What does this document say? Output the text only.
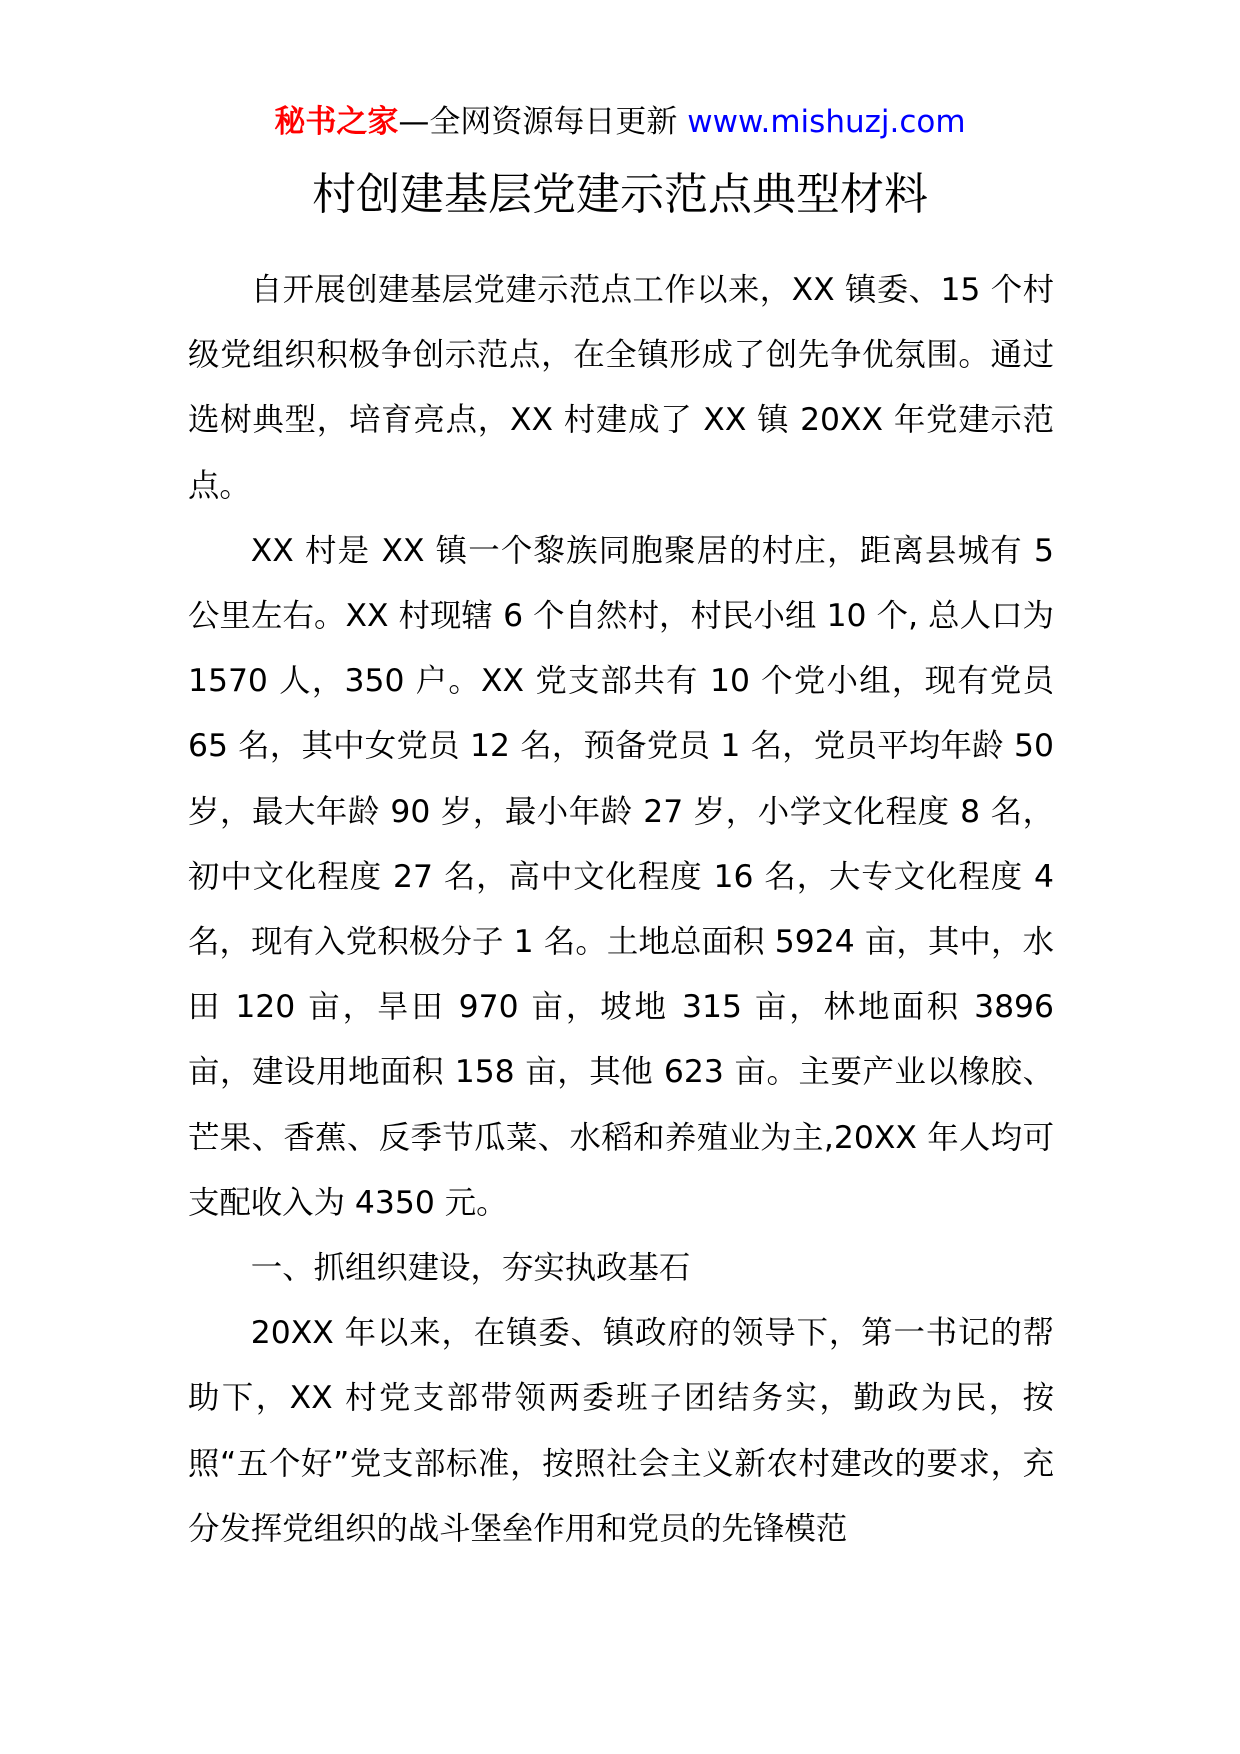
秘书之家—全网资源每日更新 www.mishuzj.com
村创建基层党建示范点典型材料

自开展创建基层党建示范点工作以来，XX 镇委、15 个村级党组织积极争创示范点，在全镇形成了创先争优氛围。通过选树典型，培育亮点，XX 村建成了 XX 镇 20XX 年党建示范点。

XX 村是 XX 镇一个黎族同胞聚居的村庄，距离县城有 5 公里左右。XX 村现辖 6 个自然村，村民小组 10 个, 总人口为 1570 人，350 户。XX 党支部共有 10 个党小组，现有党员 65 名，其中女党员 12 名，预备党员 1 名，党员平均年龄 50 岁，最大年龄 90 岁，最小年龄 27 岁，小学文化程度 8 名，初中文化程度 27 名，高中文化程度 16 名，大专文化程度 4 名，现有入党积极分子 1 名。土地总面积 5924 亩，其中，水田 120 亩，旱田 970 亩，坡地 315 亩，林地面积 3896 亩，建设用地面积 158 亩，其他 623 亩。主要产业以橡胶、芒果、香蕉、反季节瓜菜、水稻和养殖业为主,20XX 年人均可支配收入为 4350 元。

一、抓组织建设，夯实执政基石

20XX 年以来，在镇委、镇政府的领导下，第一书记的帮助下，XX 村党支部带领两委班子团结务实，勤政为民，按照“五个好”党支部标准，按照社会主义新农村建改的要求，充分发挥党组织的战斗堡垒作用和党员的先锋模范
